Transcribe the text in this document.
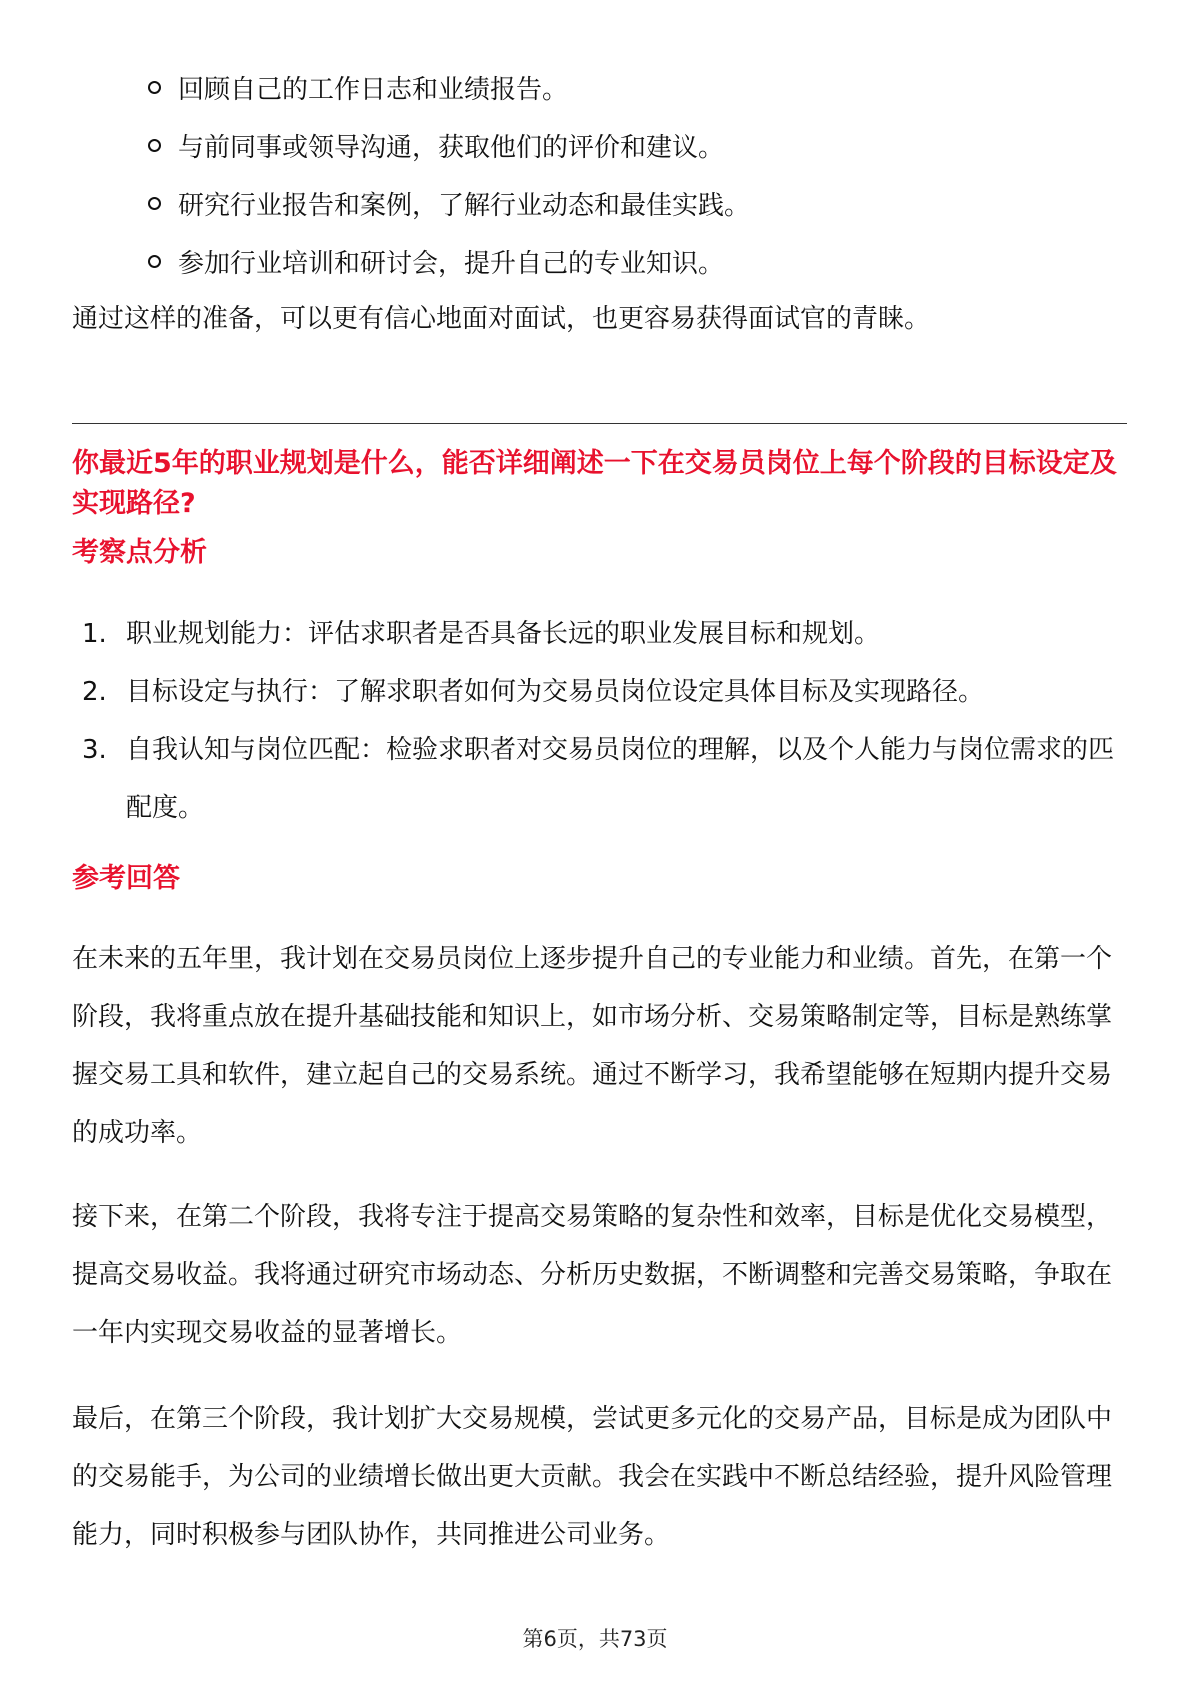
回顾自己的工作日志和业绩报告。
与前同事或领导沟通，获取他们的评价和建议。
研究行业报告和案例，了解行业动态和最佳实践。
参加行业培训和研讨会，提升自己的专业知识。

通过这样的准备，可以更有信心地面对面试，也更容易获得面试官的青睐。

你最近5年的职业规划是什么，能否详细阐述一下在交易员岗位上每个阶段的目标设定及实现路径?

考察点分析

1. 职业规划能力：评估求职者是否具备长远的职业发展目标和规划。
2. 目标设定与执行：了解求职者如何为交易员岗位设定具体目标及实现路径。
3. 自我认知与岗位匹配：检验求职者对交易员岗位的理解，以及个人能力与岗位需求的匹配度。

参考回答

在未来的五年里，我计划在交易员岗位上逐步提升自己的专业能力和业绩。首先，在第一个阶段，我将重点放在提升基础技能和知识上，如市场分析、交易策略制定等，目标是熟练掌握交易工具和软件，建立起自己的交易系统。通过不断学习，我希望能够在短期内提升交易的成功率。

接下来，在第二个阶段，我将专注于提高交易策略的复杂性和效率，目标是优化交易模型，提高交易收益。我将通过研究市场动态、分析历史数据，不断调整和完善交易策略，争取在一年内实现交易收益的显著增长。

最后，在第三个阶段，我计划扩大交易规模，尝试更多元化的交易产品，目标是成为团队中的交易能手，为公司的业绩增长做出更大贡献。我会在实践中不断总结经验，提升风险管理能力，同时积极参与团队协作，共同推进公司业务。

第6页，共73页
